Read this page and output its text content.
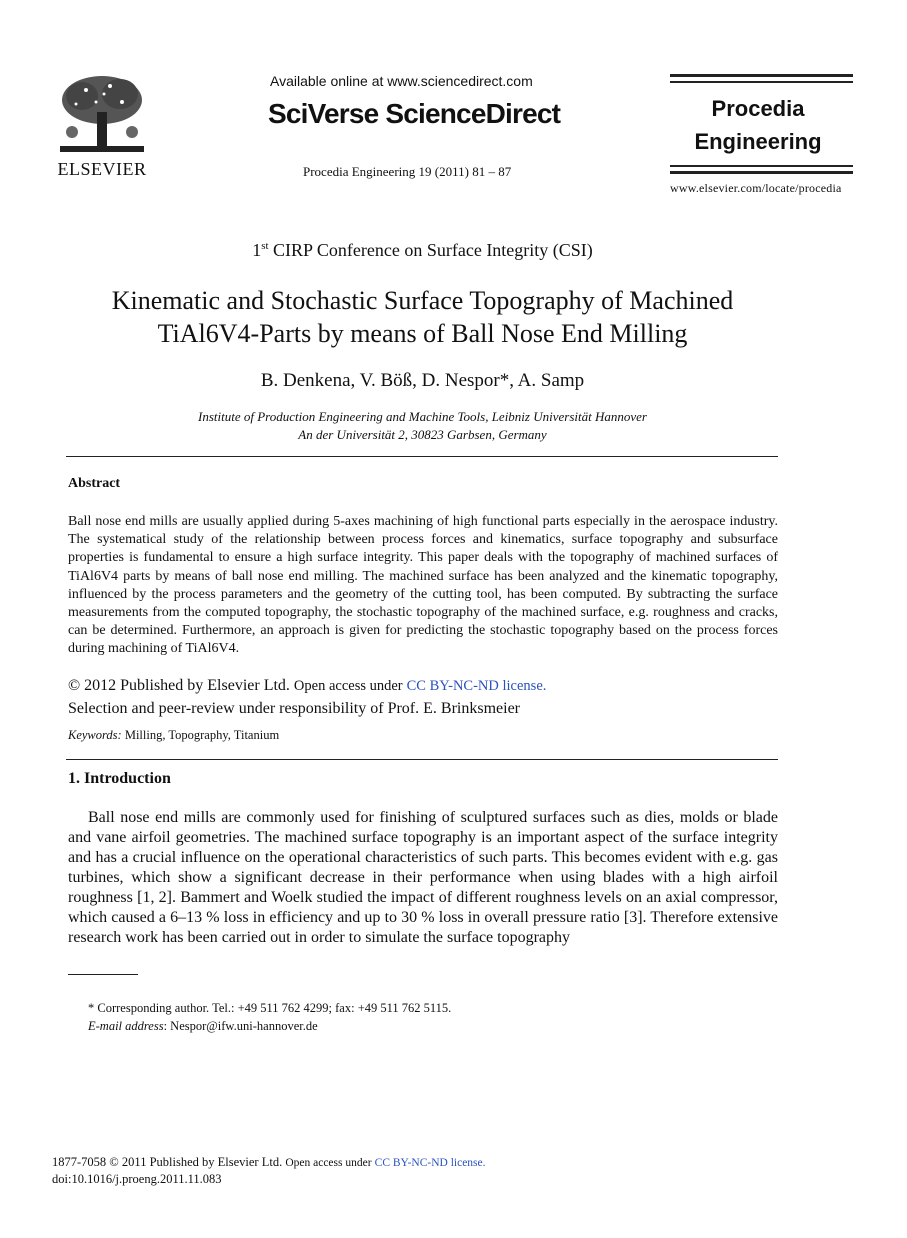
ELSEVIER
Available online at www.sciencedirect.com
SciVerse ScienceDirect
Procedia Engineering 19 (2011) 81 – 87
Procedia
Engineering
www.elsevier.com/locate/procedia
1st CIRP Conference on Surface Integrity (CSI)
Kinematic and Stochastic Surface Topography of Machined
TiAl6V4-Parts by means of Ball Nose End Milling
B. Denkena, V. Böß, D. Nespor*, A. Samp
Institute of Production Engineering and Machine Tools, Leibniz Universität Hannover
An der Universität 2, 30823 Garbsen, Germany
Abstract
Ball nose end mills are usually applied during 5-axes machining of high functional parts especially in the aerospace industry. The systematical study of the relationship between process forces and kinematics, surface topography and subsurface properties is fundamental to ensure a high surface integrity. This paper deals with the topography of machined surfaces of TiAl6V4 parts by means of ball nose end milling. The machined surface has been analyzed and the kinematic topography, influenced by the process parameters and the geometry of the cutting tool, has been computed. By subtracting the surface measurements from the computed topography, the stochastic topography of the machined surface, e.g. roughness and cracks, can be determined. Furthermore, an approach is given for predicting the stochastic topography based on the process forces during machining of TiAl6V4.
© 2012 Published by Elsevier Ltd. Open access under CC BY-NC-ND license.
Selection and peer-review under responsibility of Prof. E. Brinksmeier
Keywords: Milling, Topography, Titanium
1. Introduction
Ball nose end mills are commonly used for finishing of sculptured surfaces such as dies, molds or blade and vane airfoil geometries. The machined surface topography is an important aspect of the surface integrity and has a crucial influence on the operational characteristics of such parts. This becomes evident with e.g. gas turbines, which show a significant decrease in their performance when using blades with a high airfoil roughness [1, 2]. Bammert and Woelk studied the impact of different roughness levels on an axial compressor, which caused a 6–13 % loss in efficiency and up to 30 % loss in overall pressure ratio [3]. Therefore extensive research work has been carried out in order to simulate the surface topography
* Corresponding author. Tel.: +49 511 762 4299; fax: +49 511 762 5115.
E-mail address: Nespor@ifw.uni-hannover.de
1877-7058 © 2011 Published by Elsevier Ltd. Open access under CC BY-NC-ND license.
doi:10.1016/j.proeng.2011.11.083
